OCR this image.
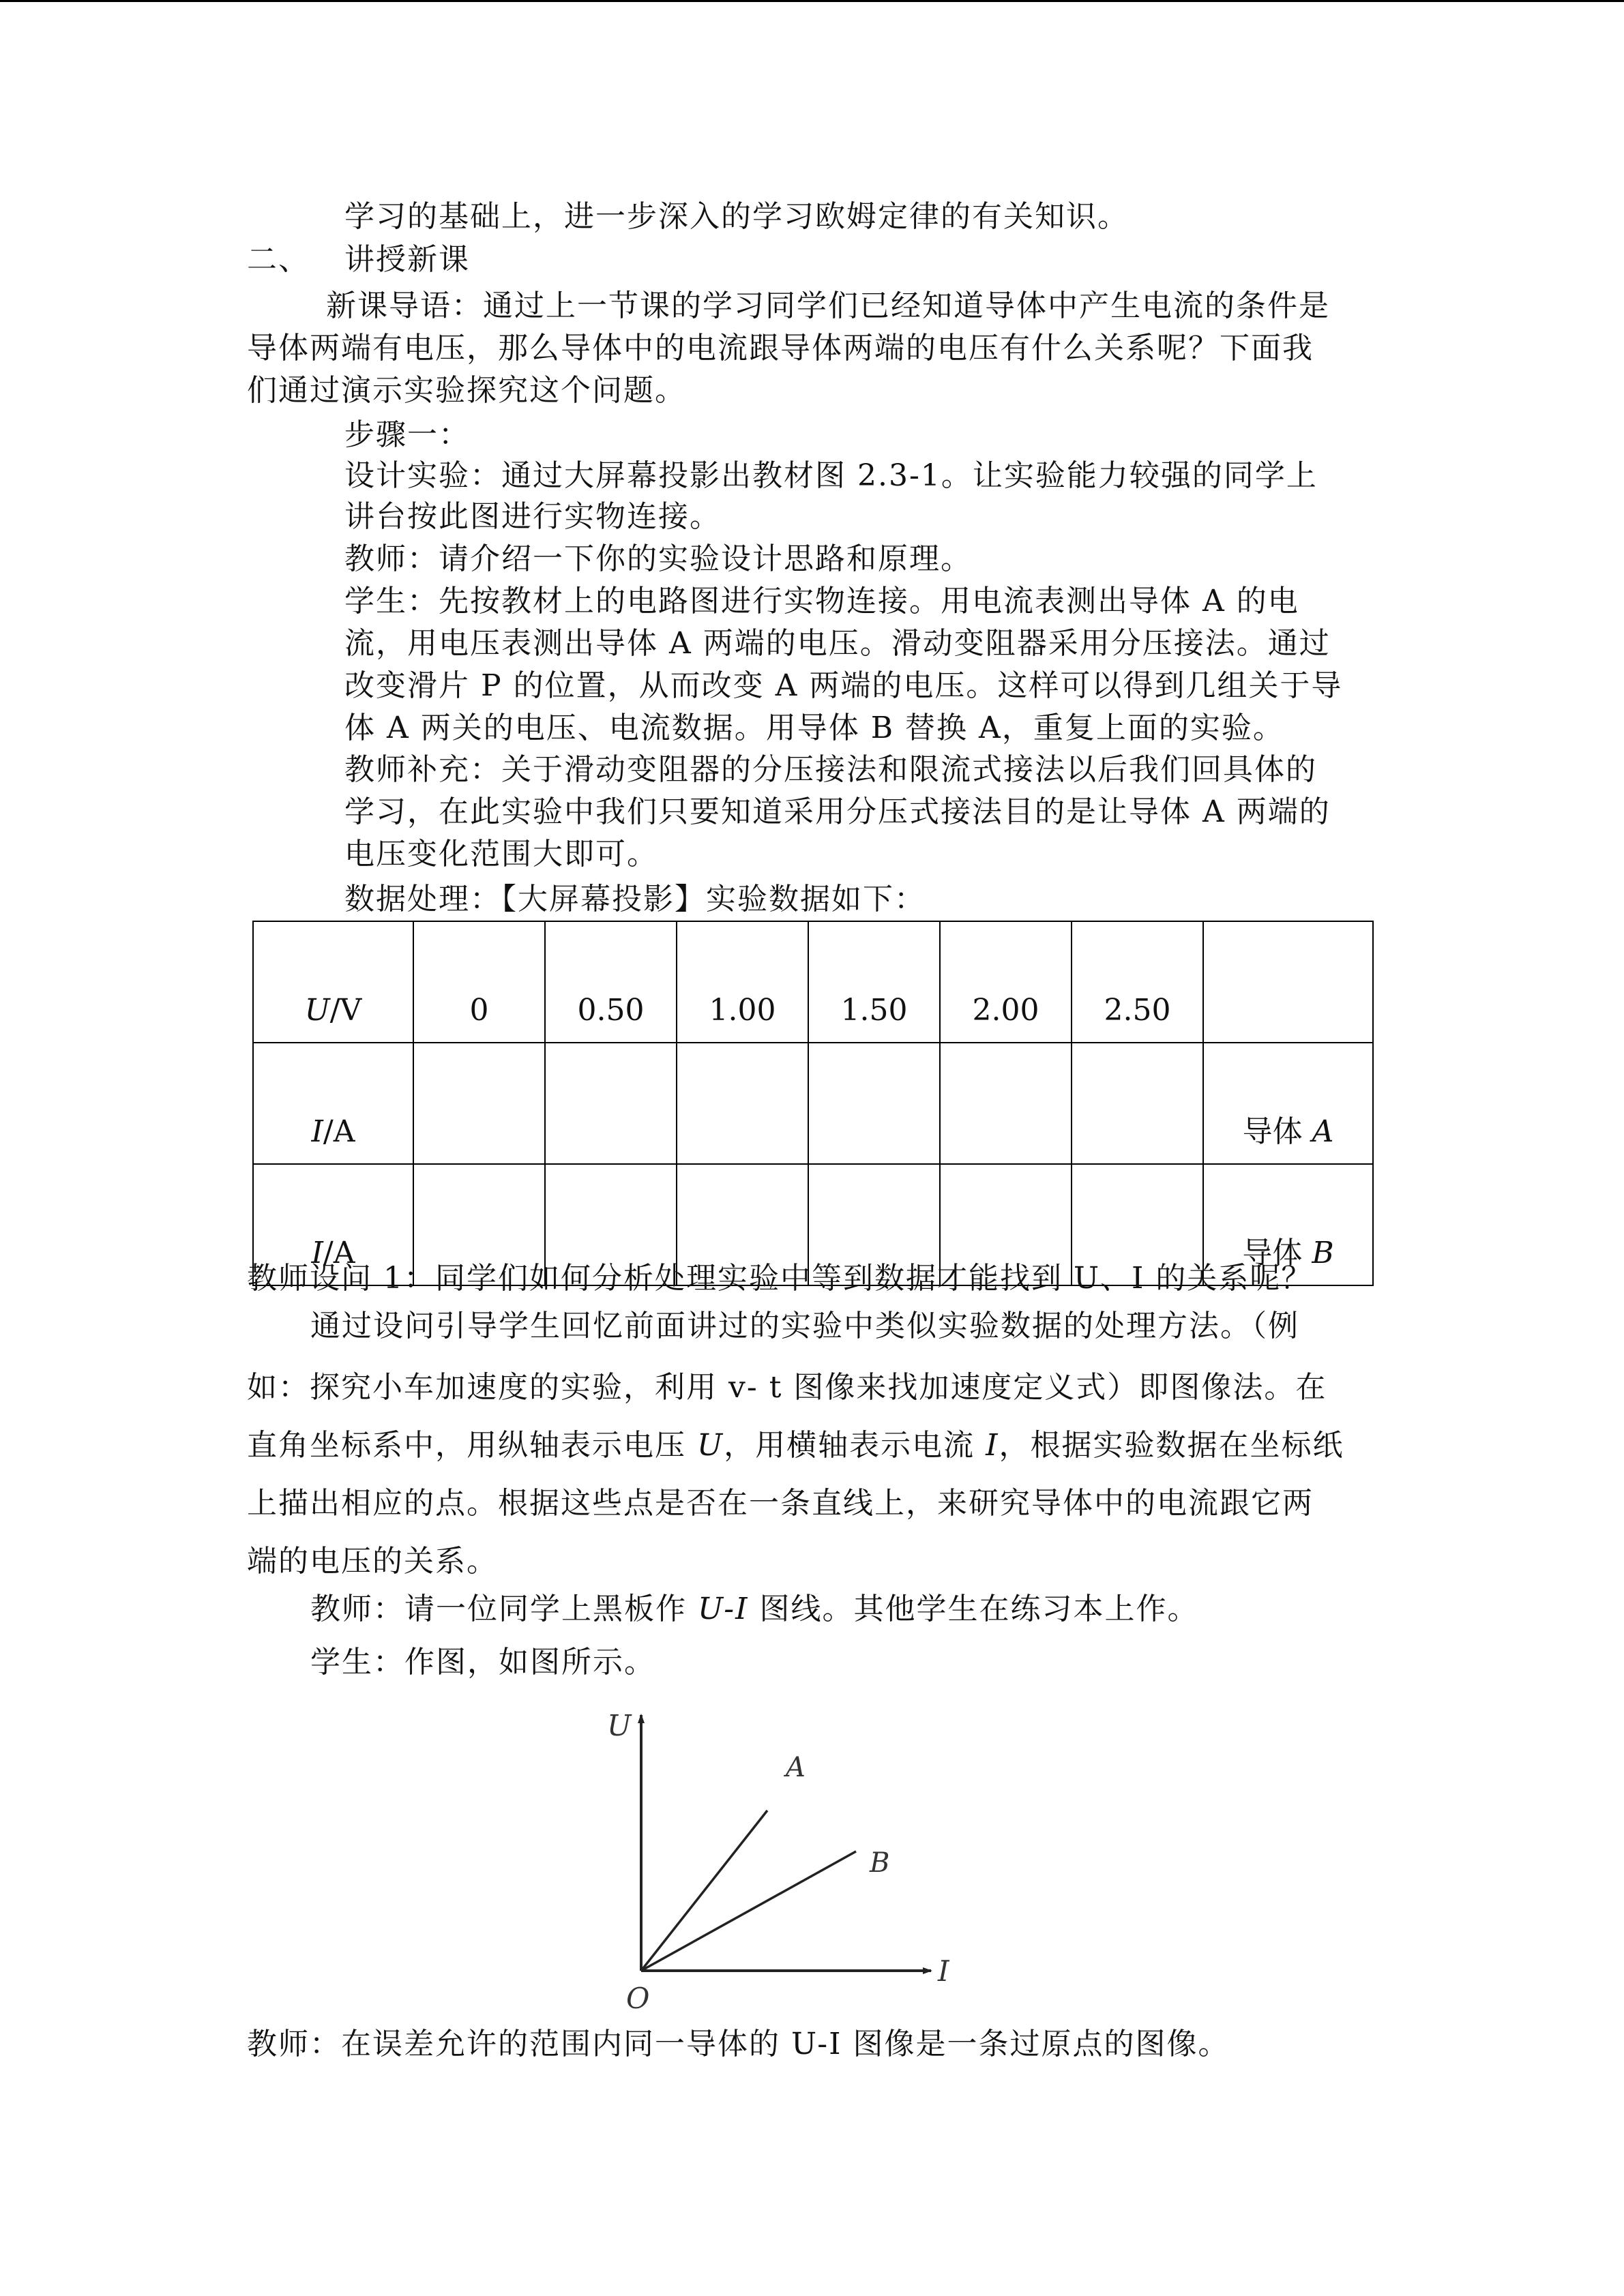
学习的基础上，进一步深入的学习欧姆定律的有关知识。
二、 讲授新课
新课导语：通过上一节课的学习同学们已经知道导体中产生电流的条件是
导体两端有电压，那么导体中的电流跟导体两端的电压有什么关系呢？下面我
们通过演示实验探究这个问题。
步骤一：
设计实验：通过大屏幕投影出教材图 2.3-1。让实验能力较强的同学上
讲台按此图进行实物连接。
教师：请介绍一下你的实验设计思路和原理。
学生：先按教材上的电路图进行实物连接。用电流表测出导体 A 的电
流，用电压表测出导体 A 两端的电压。滑动变阻器采用分压接法。通过
改变滑片 P 的位置，从而改变 A 两端的电压。这样可以得到几组关于导
体 A 两关的电压、电流数据。用导体 B 替换 A，重复上面的实验。
教师补充：关于滑动变阻器的分压接法和限流式接法以后我们回具体的
学习，在此实验中我们只要知道采用分压式接法目的是让导体 A 两端的
电压变化范围大即可。
数据处理：【大屏幕投影】实验数据如下：
U/V	0	0.50	1.00	1.50	2.00	2.50	
I/A							导体 A
I/A							导体 B
教师设问 1：同学们如何分析处理实验中等到数据才能找到 U、I 的关系呢？
通过设问引导学生回忆前面讲过的实验中类似实验数据的处理方法。（例
如：探究小车加速度的实验，利用 v- t 图像来找加速度定义式）即图像法。在
直角坐标系中，用纵轴表示电压 U，用横轴表示电流 I，根据实验数据在坐标纸
上描出相应的点。根据这些点是否在一条直线上，来研究导体中的电流跟它两
端的电压的关系。
教师：请一位同学上黑板作 U-I 图线。其他学生在练习本上作。
学生：作图，如图所示。
U
I
O
A
B
教师：在误差允许的范围内同一导体的 U-I 图像是一条过原点的图像。
